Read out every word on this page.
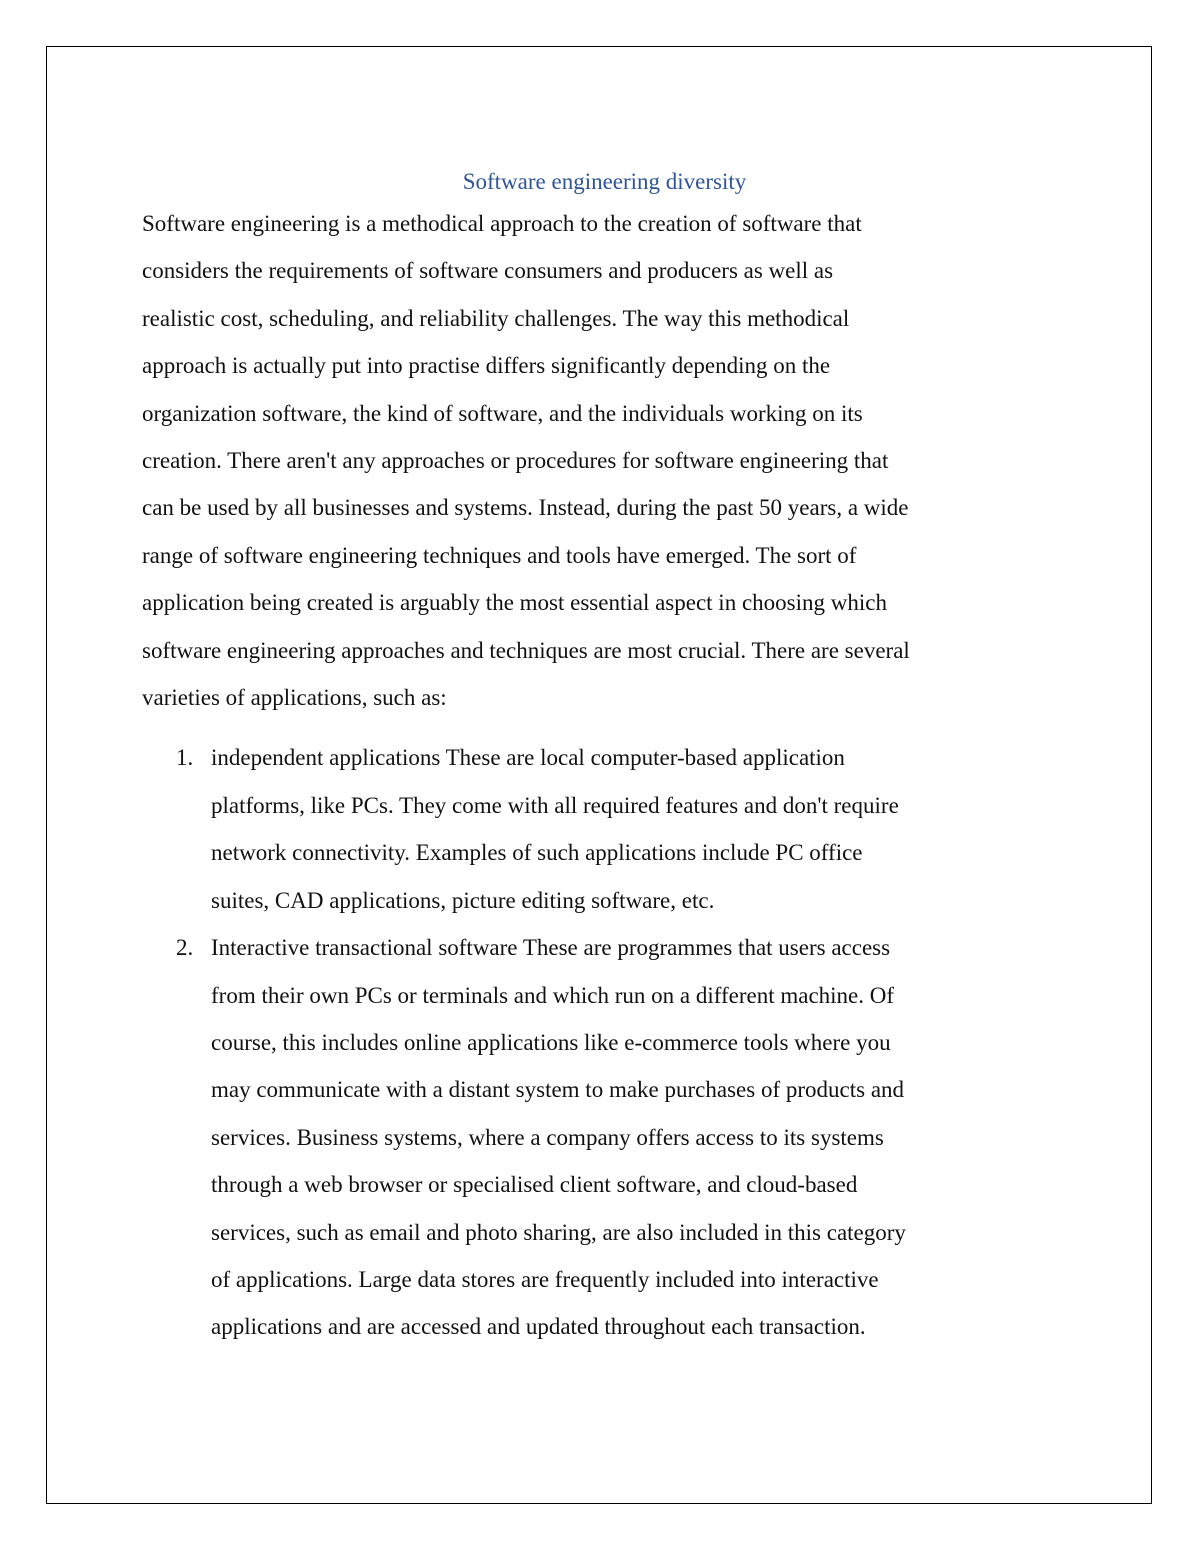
Software engineering diversity
Software engineering is a methodical approach to the creation of software that
considers the requirements of software consumers and producers as well as
realistic cost, scheduling, and reliability challenges. The way this methodical
approach is actually put into practise differs significantly depending on the
organization software, the kind of software, and the individuals working on its
creation. There aren't any approaches or procedures for software engineering that
can be used by all businesses and systems. Instead, during the past 50 years, a wide
range of software engineering techniques and tools have emerged. The sort of
application being created is arguably the most essential aspect in choosing which
software engineering approaches and techniques are most crucial. There are several
varieties of applications, such as:
1. independent applications These are local computer-based application
platforms, like PCs. They come with all required features and don't require
network connectivity. Examples of such applications include PC office
suites, CAD applications, picture editing software, etc.
2. Interactive transactional software These are programmes that users access
from their own PCs or terminals and which run on a different machine. Of
course, this includes online applications like e-commerce tools where you
may communicate with a distant system to make purchases of products and
services. Business systems, where a company offers access to its systems
through a web browser or specialised client software, and cloud-based
services, such as email and photo sharing, are also included in this category
of applications. Large data stores are frequently included into interactive
applications and are accessed and updated throughout each transaction.
